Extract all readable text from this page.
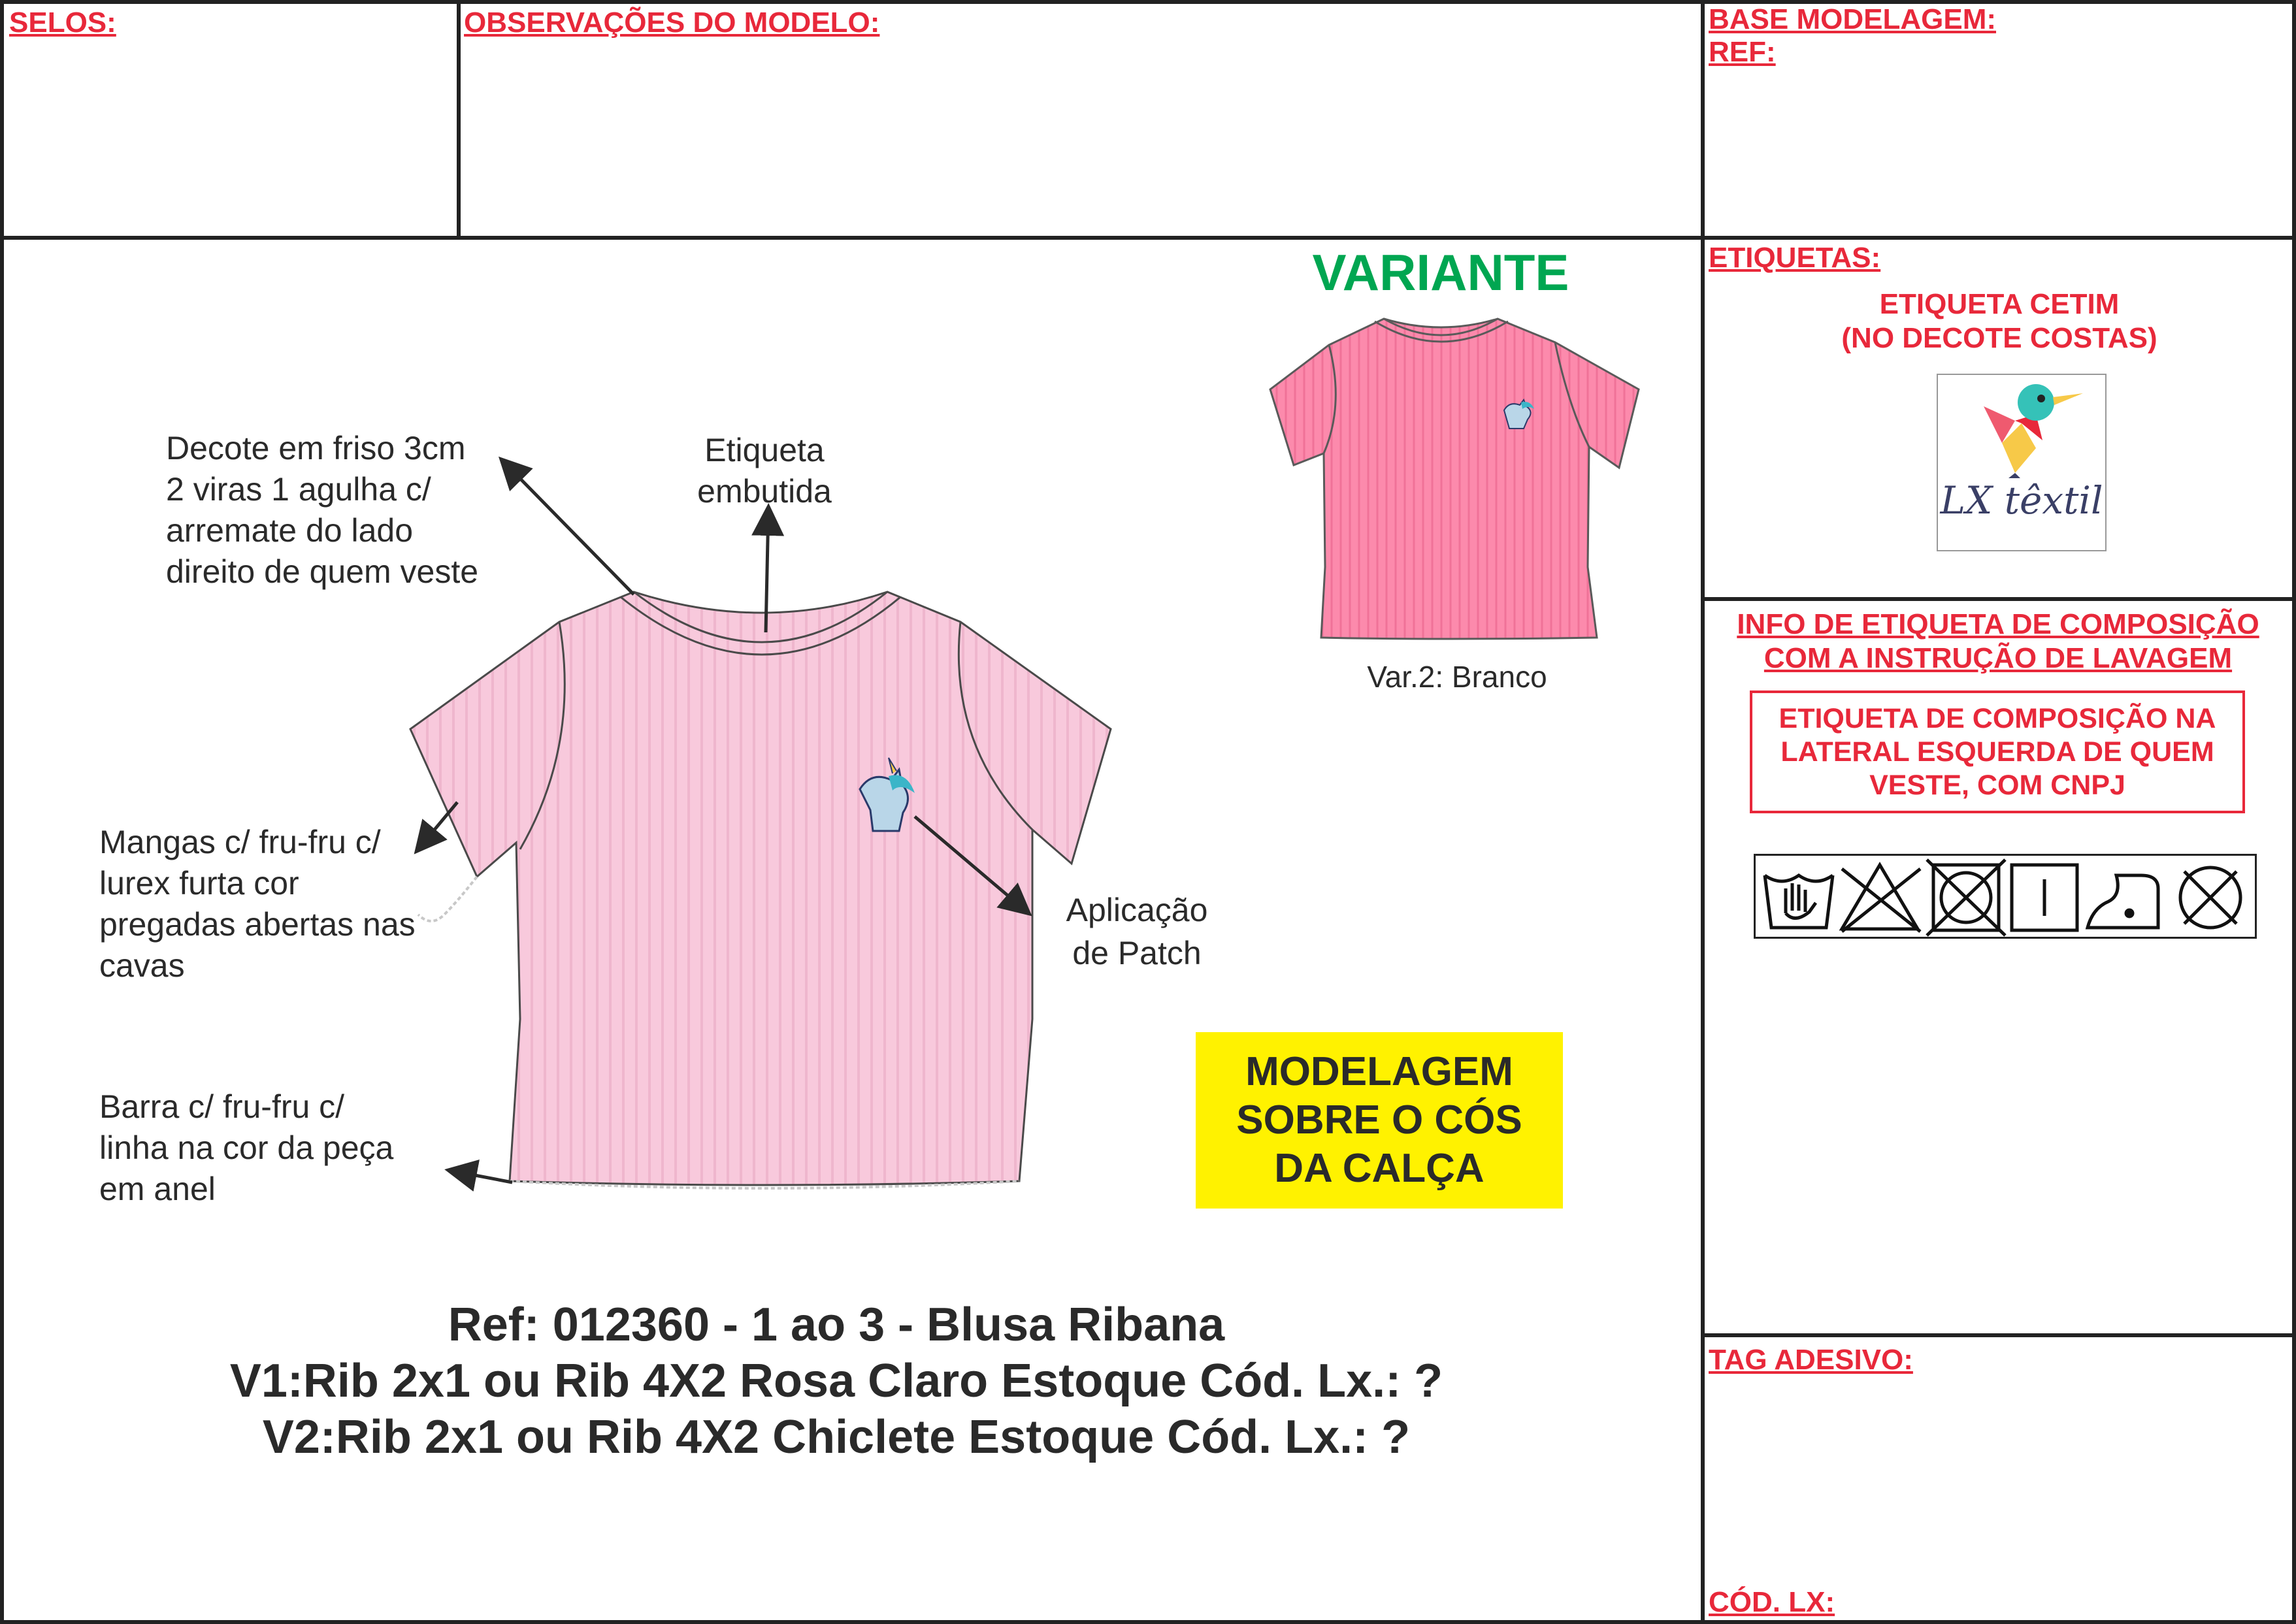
SELOS:	OBSERVAÇÕES DO MODELO:	BASE MODELAGEM:
REF:
ETIQUETAS:
ETIQUETA CETIM
(NO DECOTE COSTAS)
LX têxtil
INFO DE ETIQUETA DE COMPOSIÇÃO
COM A INSTRUÇÃO DE LAVAGEM
ETIQUETA DE COMPOSIÇÃO NA
LATERAL ESQUERDA DE QUEM
VESTE, COM CNPJ
TAG ADESIVO:
CÓD. LX:
VARIANTE
Var.2: Branco
Decote em friso 3cm
2 viras 1 agulha c/
arremate do lado
direito de quem veste
Etiqueta
embutida
Mangas c/ fru-fru c/
lurex furta cor
pregadas abertas nas
cavas
Aplicação
de Patch
Barra c/ fru-fru c/
linha na cor da peça
em anel
MODELAGEM
SOBRE O CÓS
DA CALÇA
Ref: 012360 - 1 ao 3 - Blusa Ribana
V1:Rib 2x1 ou Rib 4X2 Rosa Claro Estoque Cód. Lx.: ?
V2:Rib 2x1 ou Rib 4X2 Chiclete Estoque Cód. Lx.: ?
